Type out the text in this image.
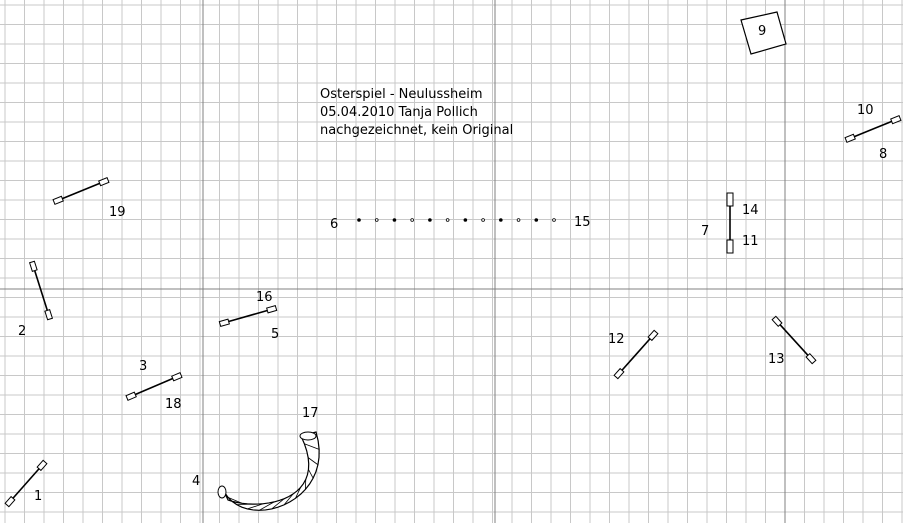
1
2
3
18
4
17
16
5
6	15
7
14
11
10
8
9
12
13
19
Osterspiel - Neulussheim
05.04.2010 Tanja Pollich
nachgezeichnet, kein Original
